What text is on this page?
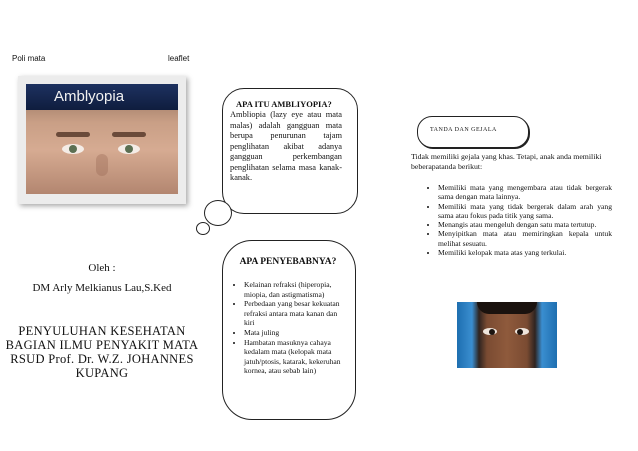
Poli mata	leaflet
Amblyopia
Oleh :
DM Arly Melkianus Lau,S.Ked
PENYULUHAN KESEHATAN
BAGIAN ILMU PENYAKIT MATA
RSUD Prof. Dr. W.Z. JOHANNES
KUPANG
APA ITU AMBLIYOPIA?
Ambliopia (lazy eye atau mata malas) adalah gangguan mata berupa penurunan tajam penglihatan akibat adanya gangguan perkembangan penglihatan selama masa kanak-kanak.
APA PENYEBABNYA?
• Kelainan refraksi (hiperopia, miopia, dan astigmatisma)
• Perbedaan yang besar kekuatan refraksi antara mata kanan dan kiri
• Mata juling
• Hambatan masuknya cahaya kedalam mata (kelopak mata jatuh/ptosis, katarak, kekeruhan kornea, atau sebab lain)
TANDA DAN GEJALA
Tidak memiliki gejala yang khas. Tetapi, anak anda memiliki beberapatanda berikut:
• Memiliki mata yang mengembara atau tidak bergerak sama dengan mata lainnya.
• Memiliki mata yang tidak bergerak dalam arah yang sama atau fokus pada titik yang sama.
• Menangis atau mengeluh dengan satu mata tertutup.
• Menyipitkan mata atau memiringkan kepala untuk melihat sesuatu.
• Memiliki kelopak mata atas yang terkulai.
